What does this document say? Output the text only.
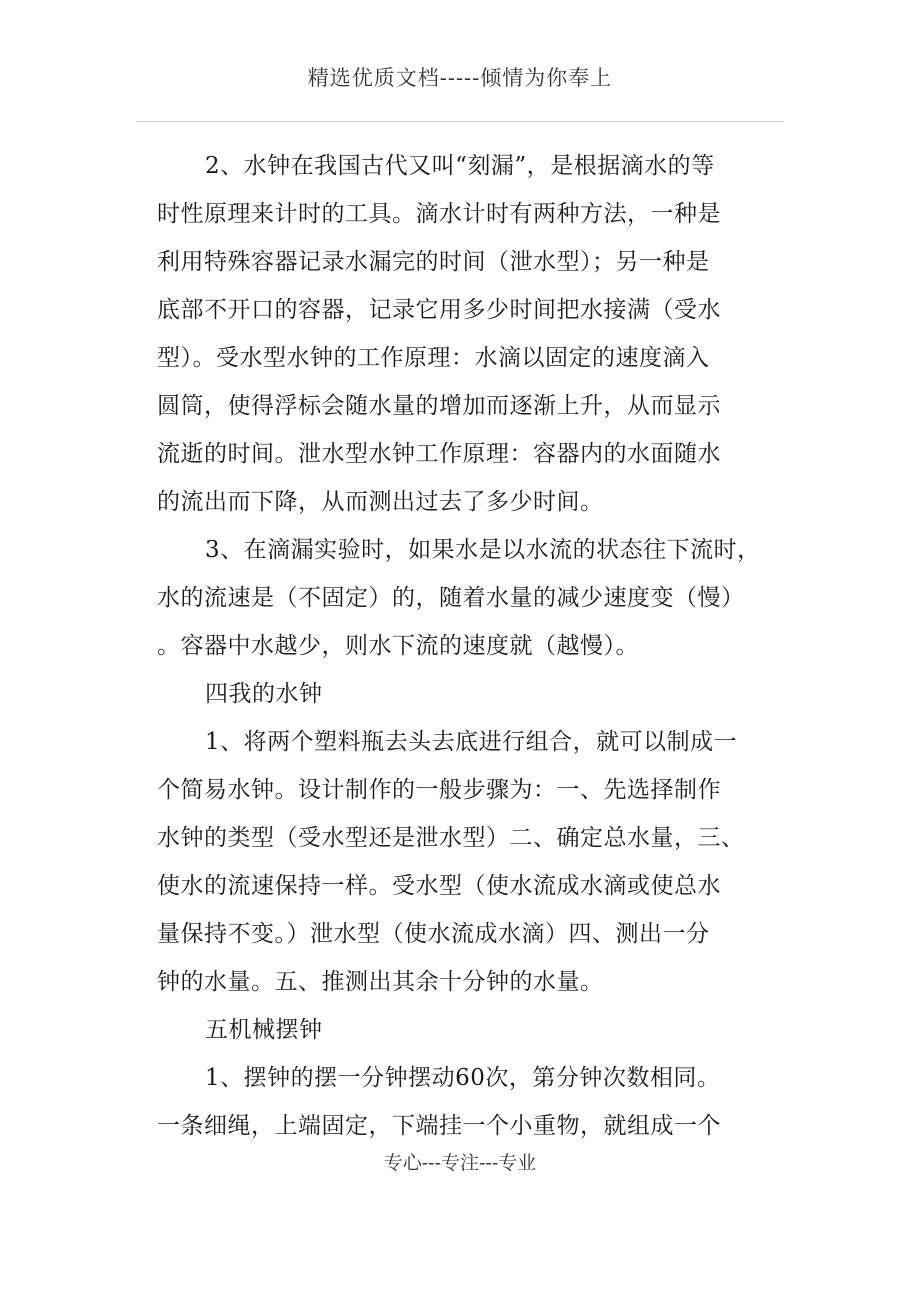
精选优质文档-----倾情为你奉上
2、水钟在我国古代又叫“刻漏”，是根据滴水的等
时性原理来计时的工具。滴水计时有两种方法，一种是
利用特殊容器记录水漏完的时间（泄水型）；另一种是
底部不开口的容器，记录它用多少时间把水接满（受水
型）。受水型水钟的工作原理：水滴以固定的速度滴入
圆筒，使得浮标会随水量的增加而逐渐上升，从而显示
流逝的时间。泄水型水钟工作原理：容器内的水面随水
的流出而下降，从而测出过去了多少时间。
3、在滴漏实验时，如果水是以水流的状态往下流时，
水的流速是（不固定）的，随着水量的减少速度变（慢）
。容器中水越少，则水下流的速度就（越慢）。
四我的水钟
1、将两个塑料瓶去头去底进行组合，就可以制成一
个简易水钟。设计制作的一般步骤为：一、先选择制作
水钟的类型（受水型还是泄水型）二、确定总水量，三、
使水的流速保持一样。受水型（使水流成水滴或使总水
量保持不变。）泄水型（使水流成水滴）四、测出一分
钟的水量。五、推测出其余十分钟的水量。
五机械摆钟
1、摆钟的摆一分钟摆动60次，第分钟次数相同。
一条细绳，上端固定，下端挂一个小重物，就组成一个
专心---专注---专业
